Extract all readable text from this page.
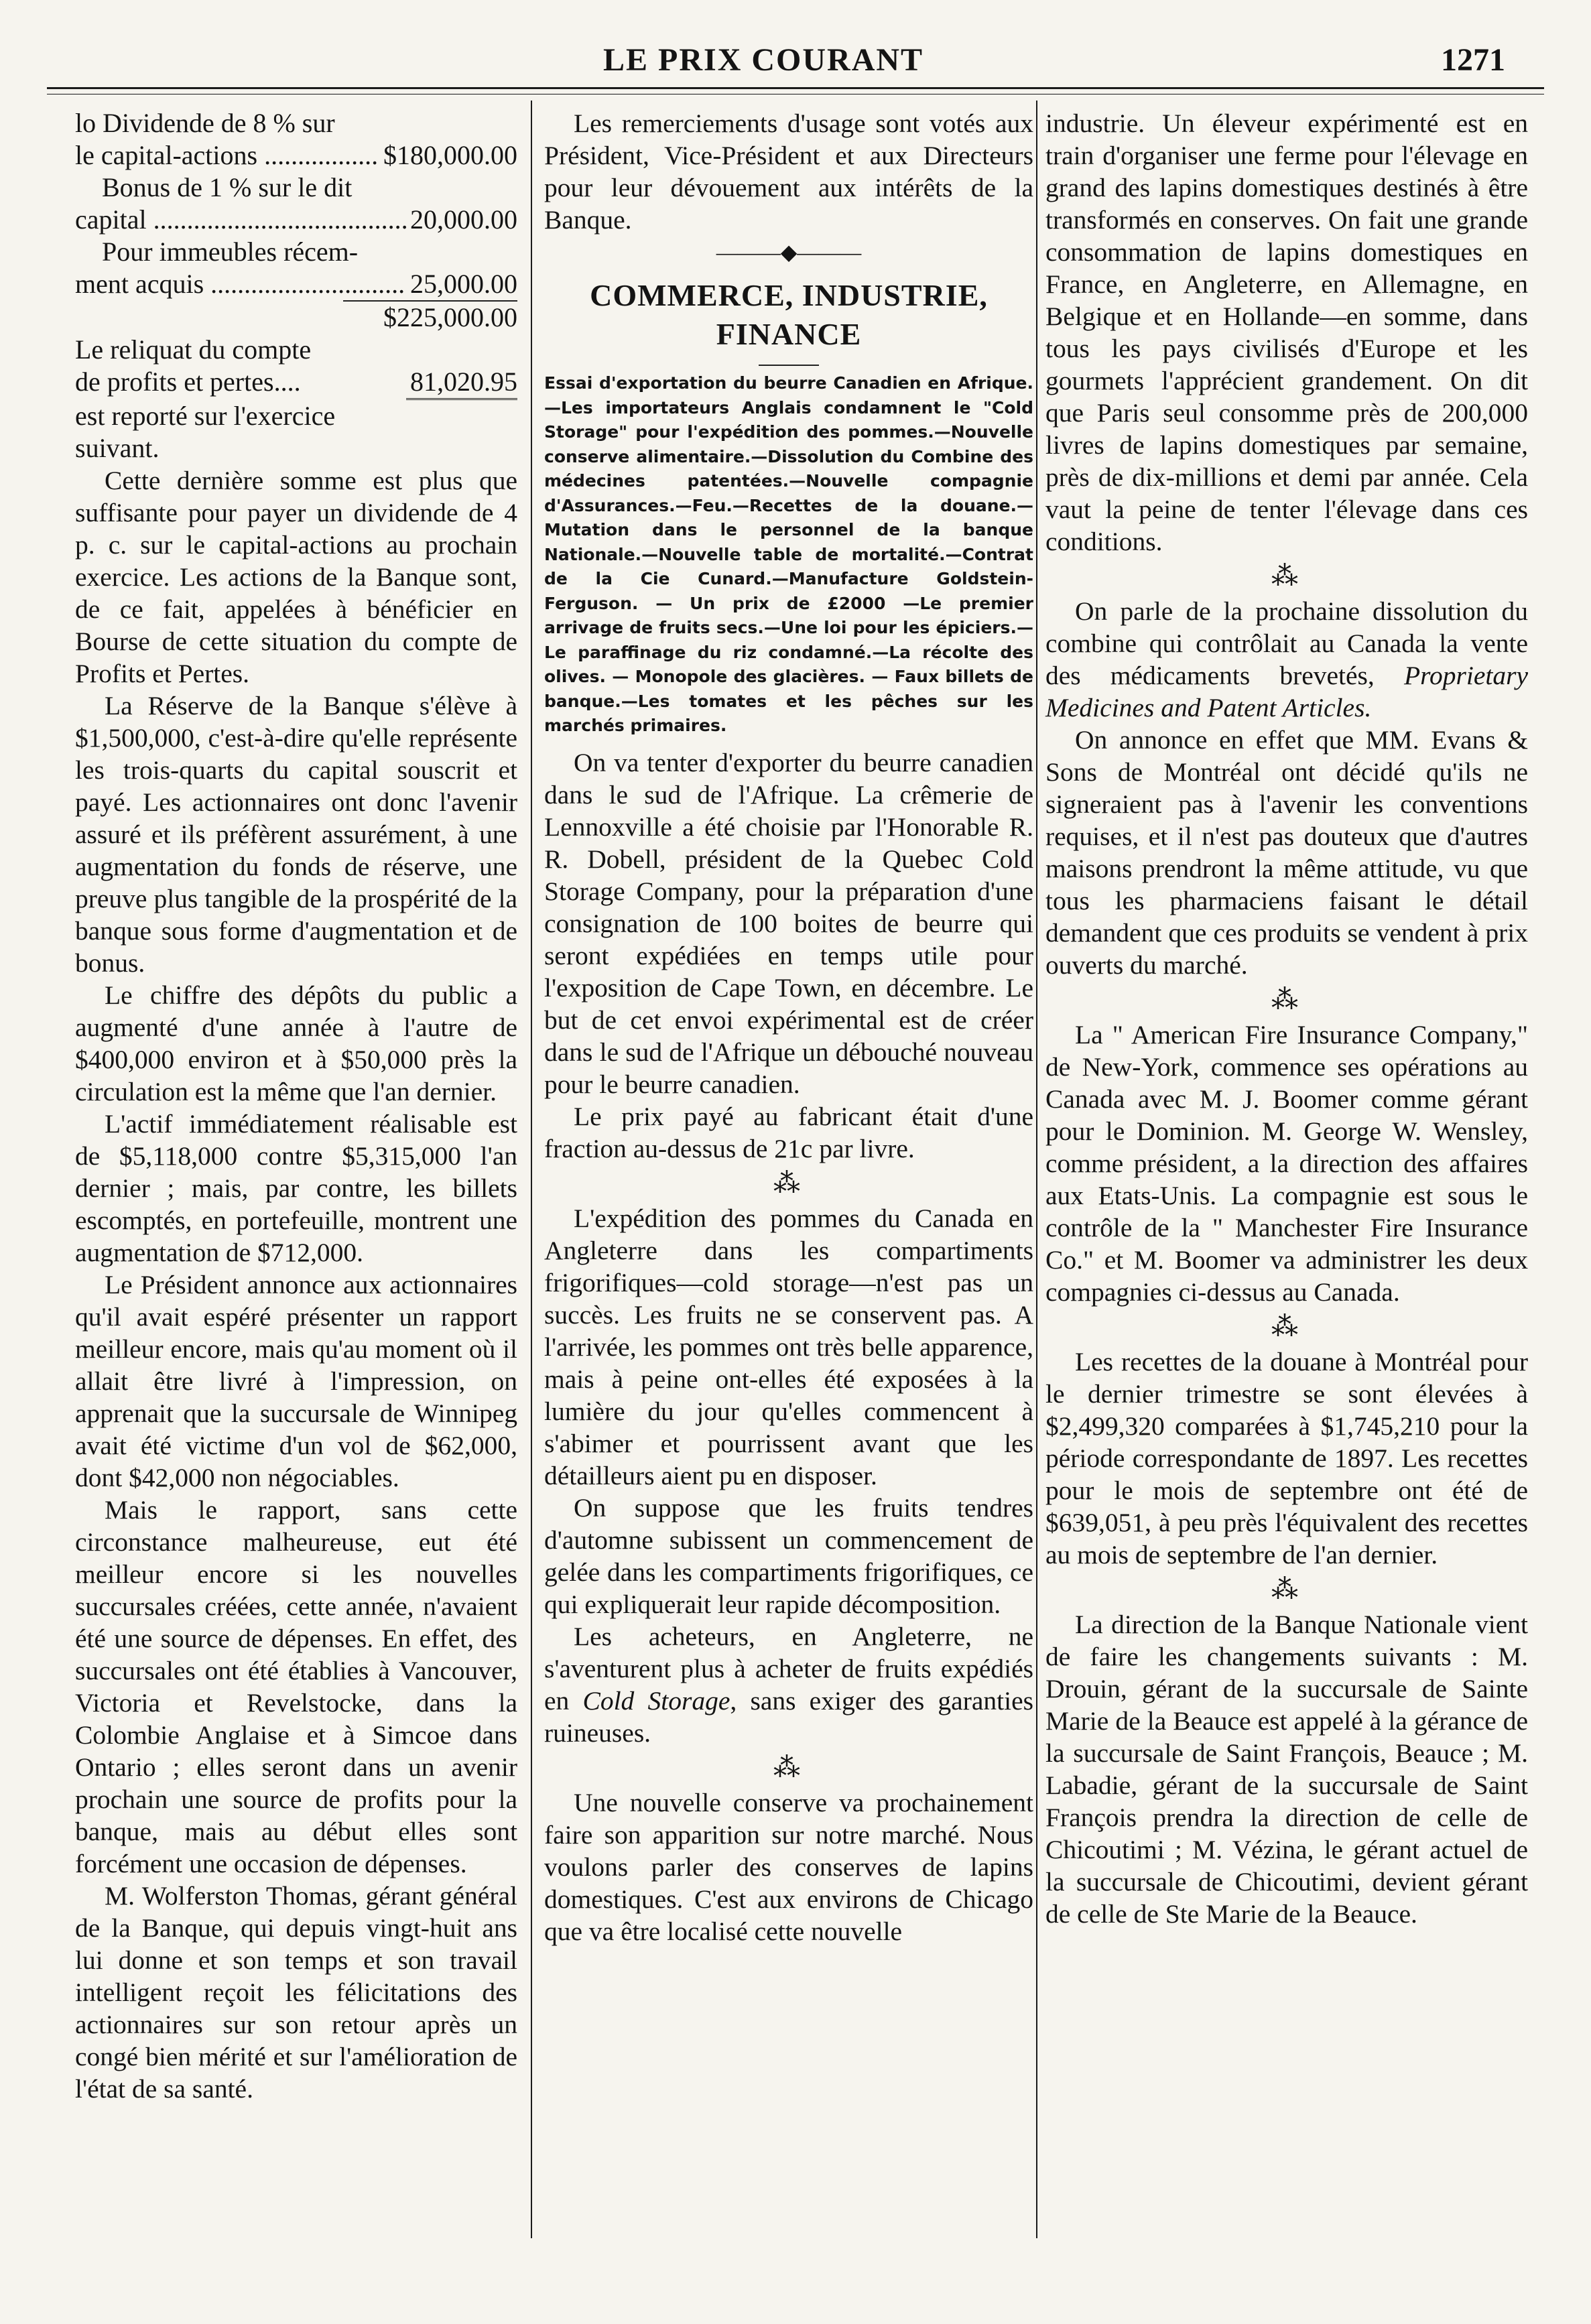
LE PRIX COURANT	1271
lo Dividende de 8 % sur
le capital-actions .....	$180,000.00
Bonus de 1 % sur le dit
capital .....	20,000.00
Pour immeubles récem-
ment acquis .....	25,000.00
$225,000.00
Le reliquat du compte
de profits et pertes....	81,020.95
est reporté sur l'exercice
suivant.

Cette dernière somme est plus que suffisante pour payer un dividende de 4 p. c. sur le capital-actions au prochain exercice. Les actions de la Banque sont, de ce fait, appelées à bénéficier en Bourse de cette situation du compte de Profits et Pertes.

La Réserve de la Banque s'élève à $1,500,000, c'est-à-dire qu'elle représente les trois-quarts du capital souscrit et payé. Les actionnaires ont donc l'avenir assuré et ils préfèrent assurément, à une augmentation du fonds de réserve, une preuve plus tangible de la prospérité de la banque sous forme d'augmentation et de bonus.

Le chiffre des dépôts du public a augmenté d'une année à l'autre de $400,000 environ et à $50,000 près la circulation est la même que l'an dernier.

L'actif immédiatement réalisable est de $5,118,000 contre $5,315,000 l'an dernier ; mais, par contre, les billets escomptés, en portefeuille, montrent une augmentation de $712,000.

Le Président annonce aux actionnaires qu'il avait espéré présenter un rapport meilleur encore, mais qu'au moment où il allait être livré à l'impression, on apprenait que la succursale de Winnipeg avait été victime d'un vol de $62,000, dont $42,000 non négociables.

Mais le rapport, sans cette circonstance malheureuse, eut été meilleur encore si les nouvelles succursales créées, cette année, n'avaient été une source de dépenses. En effet, des succursales ont été établies à Vancouver, Victoria et Revelstocke, dans la Colombie Anglaise et à Simcoe dans Ontario ; elles seront dans un avenir prochain une source de profits pour la banque, mais au début elles sont forcément une occasion de dépenses.

M. Wolferston Thomas, gérant général de la Banque, qui depuis vingt-huit ans lui donne et son temps et son travail intelligent reçoit les félicitations des actionnaires sur son retour après un congé bien mérité et sur l'amélioration de l'état de sa santé.

Les remerciements d'usage sont votés aux Président, Vice-Président et aux Directeurs pour leur dévouement aux intérêts de la Banque.

———◆———
COMMERCE, INDUSTRIE,
FINANCE
Essai d'exportation du beurre Canadien en Afrique.—Les importateurs Anglais condamnent le "Cold Storage" pour l'expédition des pommes.—Nouvelle conserve alimentaire.—Dissolution du Combine des médecines patentées.—Nouvelle compagnie d'Assurances.—Feu.—Recettes de la douane.—Mutation dans le personnel de la banque Nationale.—Nouvelle table de mortalité.—Contrat de la Cie Cunard.—Manufacture Goldstein-Ferguson. — Un prix de £2000 —Le premier arrivage de fruits secs.—Une loi pour les épiciers.—Le paraffinage du riz condamné.—La récolte des olives. — Monopole des glacières. — Faux billets de banque.—Les tomates et les pêches sur les marchés primaires.

On va tenter d'exporter du beurre canadien dans le sud de l'Afrique. La crêmerie de Lennoxville a été choisie par l'Honorable R. R. Dobell, président de la Quebec Cold Storage Company, pour la préparation d'une consignation de 100 boites de beurre qui seront expédiées en temps utile pour l'exposition de Cape Town, en décembre. Le but de cet envoi expérimental est de créer dans le sud de l'Afrique un débouché nouveau pour le beurre canadien.

Le prix payé au fabricant était d'une fraction au-dessus de 21c par livre.

⁂

L'expédition des pommes du Canada en Angleterre dans les compartiments frigorifiques—cold storage—n'est pas un succès. Les fruits ne se conservent pas. A l'arrivée, les pommes ont très belle apparence, mais à peine ont-elles été exposées à la lumière du jour qu'elles commencent à s'abimer et pourrissent avant que les détailleurs aient pu en disposer.

On suppose que les fruits tendres d'automne subissent un commencement de gelée dans les compartiments frigorifiques, ce qui expliquerait leur rapide décomposition.

Les acheteurs, en Angleterre, ne s'aventurent plus à acheter de fruits expédiés en Cold Storage, sans exiger des garanties ruineuses.

⁂

Une nouvelle conserve va prochainement faire son apparition sur notre marché. Nous voulons parler des conserves de lapins domestiques. C'est aux environs de Chicago que va être localisé cette nouvelle

industrie. Un éleveur expérimenté est en train d'organiser une ferme pour l'élevage en grand des lapins domestiques destinés à être transformés en conserves. On fait une grande consommation de lapins domestiques en France, en Angleterre, en Allemagne, en Belgique et en Hollande—en somme, dans tous les pays civilisés d'Europe et les gourmets l'apprécient grandement. On dit que Paris seul consomme près de 200,000 livres de lapins domestiques par semaine, près de dix-millions et demi par année. Cela vaut la peine de tenter l'élevage dans ces conditions.

⁂

On parle de la prochaine dissolution du combine qui contrôlait au Canada la vente des médicaments brevetés, Proprietary Medicines and Patent Articles.

On annonce en effet que MM. Evans & Sons de Montréal ont décidé qu'ils ne signeraient pas à l'avenir les conventions requises, et il n'est pas douteux que d'autres maisons prendront la même attitude, vu que tous les pharmaciens faisant le détail demandent que ces produits se vendent à prix ouverts du marché.

⁂

La " American Fire Insurance Company," de New-York, commence ses opérations au Canada avec M. J. Boomer comme gérant pour le Dominion. M. George W. Wensley, comme président, a la direction des affaires aux Etats-Unis. La compagnie est sous le contrôle de la " Manchester Fire Insurance Co." et M. Boomer va administrer les deux compagnies ci-dessus au Canada.

⁂

Les recettes de la douane à Montréal pour le dernier trimestre se sont élevées à $2,499,320 comparées à $1,745,210 pour la période correspondante de 1897. Les recettes pour le mois de septembre ont été de $639,051, à peu près l'équivalent des recettes au mois de septembre de l'an dernier.

⁂

La direction de la Banque Nationale vient de faire les changements suivants : M. Drouin, gérant de la succursale de Sainte Marie de la Beauce est appelé à la gérance de la succursale de Saint François, Beauce ; M. Labadie, gérant de la succursale de Saint François prendra la direction de celle de Chicoutimi ; M. Vézina, le gérant actuel de la succursale de Chicoutimi, devient gérant de celle de Ste Marie de la Beauce.
